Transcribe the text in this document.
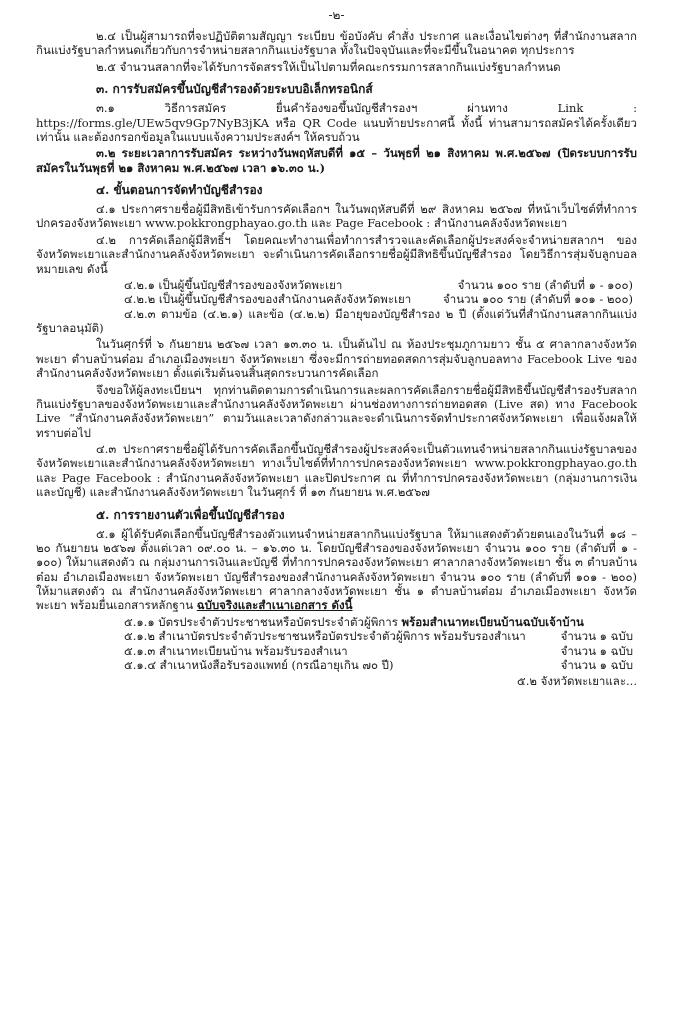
-๒-

๒.๔ เป็นผู้สามารถที่จะปฏิบัติตามสัญญา ระเบียบ ข้อบังคับ คำสั่ง ประกาศ และเงื่อนไขต่างๆ ที่สำนักงานสลากกินแบ่งรัฐบาลกำหนดเกี่ยวกับการจำหน่ายสลากกินแบ่งรัฐบาล ทั้งในปัจจุบันและที่จะมีขึ้นในอนาคต ทุกประการ

๒.๕ จำนวนสลากที่จะได้รับการจัดสรรให้เป็นไปตามที่คณะกรรมการสลากกินแบ่งรัฐบาลกำหนด

๓. การรับสมัครขึ้นบัญชีสำรองด้วยระบบอิเล็กทรอนิกส์

๓.๑ วิธีการสมัคร ยื่นคำร้องขอขึ้นบัญชีสำรองฯ ผ่านทาง Link : https://forms.gle/UEw5qv9Gp7NyB3jKA หรือ QR Code แนบท้ายประกาศนี้ ทั้งนี้ ท่านสามารถสมัครได้ครั้งเดียวเท่านั้น และต้องกรอกข้อมูลในแบบแจ้งความประสงค์ฯ ให้ครบถ้วน

๓.๒ ระยะเวลาการรับสมัคร ระหว่างวันพฤหัสบดีที่ ๑๕ – วันพุธที่ ๒๑ สิงหาคม พ.ศ.๒๕๖๗ (ปิดระบบการรับสมัครในวันพุธที่ ๒๑ สิงหาคม พ.ศ.๒๕๖๗ เวลา ๑๖.๓๐ น.)

๔. ขั้นตอนการจัดทำบัญชีสำรอง

๔.๑ ประกาศรายชื่อผู้มีสิทธิเข้ารับการคัดเลือกฯ ในวันพฤหัสบดีที่ ๒๙ สิงหาคม ๒๕๖๗ ที่หน้าเว็บไซต์ที่ทำการปกครองจังหวัดพะเยา www.pokkrongphayao.go.th และ Page Facebook : สำนักงานคลังจังหวัดพะเยา

๔.๒ การคัดเลือกผู้มีสิทธิ์ฯ โดยคณะทำงานเพื่อทำการสำรวจและคัดเลือกผู้ประสงค์จะจำหน่ายสลากฯ ของจังหวัดพะเยาและสำนักงานคลังจังหวัดพะเยา จะดำเนินการคัดเลือกรายชื่อผู้มีสิทธิขึ้นบัญชีสำรอง โดยวิธีการสุ่มจับลูกบอลหมายเลข ดังนี้

๔.๒.๑ เป็นผู้ขึ้นบัญชีสำรองของจังหวัดพะเยา	จำนวน ๑๐๐ ราย (ลำดับที่ ๑ - ๑๐๐)
๔.๒.๒ เป็นผู้ขึ้นบัญชีสำรองของสำนักงานคลังจังหวัดพะเยา	จำนวน ๑๐๐ ราย (ลำดับที่ ๑๐๑ - ๒๐๐)

๔.๒.๓ ตามข้อ (๔.๒.๑) และข้อ (๔.๒.๒) มีอายุของบัญชีสำรอง ๒ ปี (ตั้งแต่วันที่สำนักงานสลากกินแบ่งรัฐบาลอนุมัติ)

ในวันศุกร์ที่ ๖ กันยายน ๒๕๖๗ เวลา ๑๓.๓๐ น. เป็นต้นไป ณ ห้องประชุมภูกามยาว ชั้น ๕ ศาลากลางจังหวัดพะเยา ตำบลบ้านต๋อม อำเภอเมืองพะเยา จังหวัดพะเยา ซึ่งจะมีการถ่ายทอดสดการสุ่มจับลูกบอลทาง Facebook Live ของสำนักงานคลังจังหวัดพะเยา ตั้งแต่เริ่มต้นจนสิ้นสุดกระบวนการคัดเลือก

จึงขอให้ผู้ลงทะเบียนฯ ทุกท่านติดตามการดำเนินการและผลการคัดเลือกรายชื่อผู้มีสิทธิขึ้นบัญชีสำรองรับสลากกินแบ่งรัฐบาลของจังหวัดพะเยาและสำนักงานคลังจังหวัดพะเยา ผ่านช่องทางการถ่ายทอดสด (Live สด) ทาง Facebook Live “สำนักงานคลังจังหวัดพะเยา” ตามวันและเวลาดังกล่าวและจะดำเนินการจัดทำประกาศจังหวัดพะเยา เพื่อแจ้งผลให้ทราบต่อไป

๔.๓ ประกาศรายชื่อผู้ได้รับการคัดเลือกขึ้นบัญชีสำรองผู้ประสงค์จะเป็นตัวแทนจำหน่ายสลากกินแบ่งรัฐบาลของจังหวัดพะเยาและสำนักงานคลังจังหวัดพะเยา ทางเว็บไซต์ที่ทำการปกครองจังหวัดพะเยา www.pokkrongphayao.go.th และ Page Facebook : สำนักงานคลังจังหวัดพะเยา และปิดประกาศ ณ ที่ทำการปกครองจังหวัดพะเยา (กลุ่มงานการเงินและบัญชี) และสำนักงานคลังจังหวัดพะเยา ในวันศุกร์ ที่ ๑๓ กันยายน พ.ศ.๒๕๖๗

๕. การรายงานตัวเพื่อขึ้นบัญชีสำรอง

๕.๑ ผู้ได้รับคัดเลือกขึ้นบัญชีสำรองตัวแทนจำหน่ายสลากกินแบ่งรัฐบาล ให้มาแสดงตัวด้วยตนเองในวันที่ ๑๘ – ๒๐ กันยายน ๒๕๖๗ ตั้งแต่เวลา ๐๙.๐๐ น. – ๑๖.๓๐ น. โดยบัญชีสำรองของจังหวัดพะเยา จำนวน ๑๐๐ ราย (ลำดับที่ ๑ - ๑๐๐) ให้มาแสดงตัว ณ กลุ่มงานการเงินและบัญชี ที่ทำการปกครองจังหวัดพะเยา ศาลากลางจังหวัดพะเยา ชั้น ๓ ตำบลบ้านต๋อม อำเภอเมืองพะเยา จังหวัดพะเยา บัญชีสำรองของสำนักงานคลังจังหวัดพะเยา จำนวน ๑๐๐ ราย (ลำดับที่ ๑๐๑ - ๒๐๐) ให้มาแสดงตัว ณ สำนักงานคลังจังหวัดพะเยา ศาลากลางจังหวัดพะเยา ชั้น ๑ ตำบลบ้านต๋อม อำเภอเมืองพะเยา จังหวัดพะเยา พร้อมยื่นเอกสารหลักฐาน ฉบับจริงและสำเนาเอกสาร ดังนี้

๕.๑.๑ บัตรประจำตัวประชาชนหรือบัตรประจำตัวผู้พิการ พร้อมสำเนาทะเบียนบ้านฉบับเจ้าบ้าน
๕.๑.๒ สำเนาบัตรประจำตัวประชาชนหรือบัตรประจำตัวผู้พิการ พร้อมรับรองสำเนา	จำนวน ๑ ฉบับ
๕.๑.๓ สำเนาทะเบียนบ้าน พร้อมรับรองสำเนา	จำนวน ๑ ฉบับ
๕.๑.๔ สำเนาหนังสือรับรองแพทย์ (กรณีอายุเกิน ๗๐ ปี)	จำนวน ๑ ฉบับ
๕.๒ จังหวัดพะเยาและ...
